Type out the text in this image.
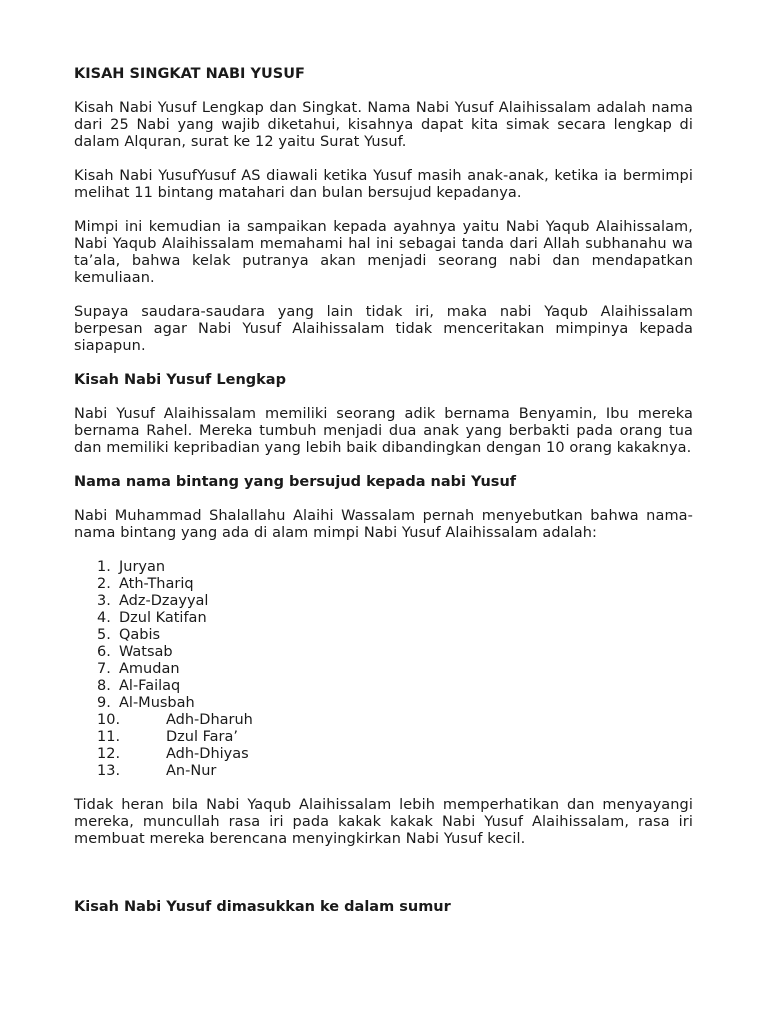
KISAH SINGKAT NABI YUSUF

Kisah Nabi Yusuf Lengkap dan Singkat. Nama Nabi Yusuf Alaihissalam adalah nama dari 25 Nabi yang wajib diketahui, kisahnya dapat kita simak secara lengkap di dalam Alquran, surat ke 12 yaitu Surat Yusuf.

Kisah Nabi YusufYusuf AS diawali ketika Yusuf masih anak-anak, ketika ia bermimpi melihat 11 bintang matahari dan bulan bersujud kepadanya.

Mimpi ini kemudian ia sampaikan kepada ayahnya yaitu Nabi Yaqub Alaihissalam, Nabi Yaqub Alaihissalam memahami hal ini sebagai tanda dari Allah subhanahu wa ta’ala, bahwa kelak putranya akan menjadi seorang nabi dan mendapatkan kemuliaan.

Supaya saudara-saudara yang lain tidak iri, maka nabi Yaqub Alaihissalam berpesan agar Nabi Yusuf Alaihissalam tidak menceritakan mimpinya kepada siapapun.

Kisah Nabi Yusuf Lengkap

Nabi Yusuf Alaihissalam memiliki seorang adik bernama Benyamin, Ibu mereka bernama Rahel. Mereka tumbuh menjadi dua anak yang berbakti pada orang tua dan memiliki kepribadian yang lebih baik dibandingkan dengan 10 orang kakaknya.

Nama nama bintang yang bersujud kepada nabi Yusuf

Nabi Muhammad Shalallahu Alaihi Wassalam pernah menyebutkan bahwa nama-nama bintang yang ada di alam mimpi Nabi Yusuf Alaihissalam adalah:

1. Juryan
2. Ath-Thariq
3. Adz-Dzayyal
4. Dzul Katifan
5. Qabis
6. Watsab
7. Amudan
8. Al-Failaq
9. Al-Musbah
10.	Adh-Dharuh
11.	Dzul Fara’
12.	Adh-Dhiyas
13.	An-Nur

Tidak heran bila Nabi Yaqub Alaihissalam lebih memperhatikan dan menyayangi mereka, muncullah rasa iri pada kakak kakak Nabi Yusuf Alaihissalam, rasa iri membuat mereka berencana menyingkirkan Nabi Yusuf kecil.

Kisah Nabi Yusuf dimasukkan ke dalam sumur
